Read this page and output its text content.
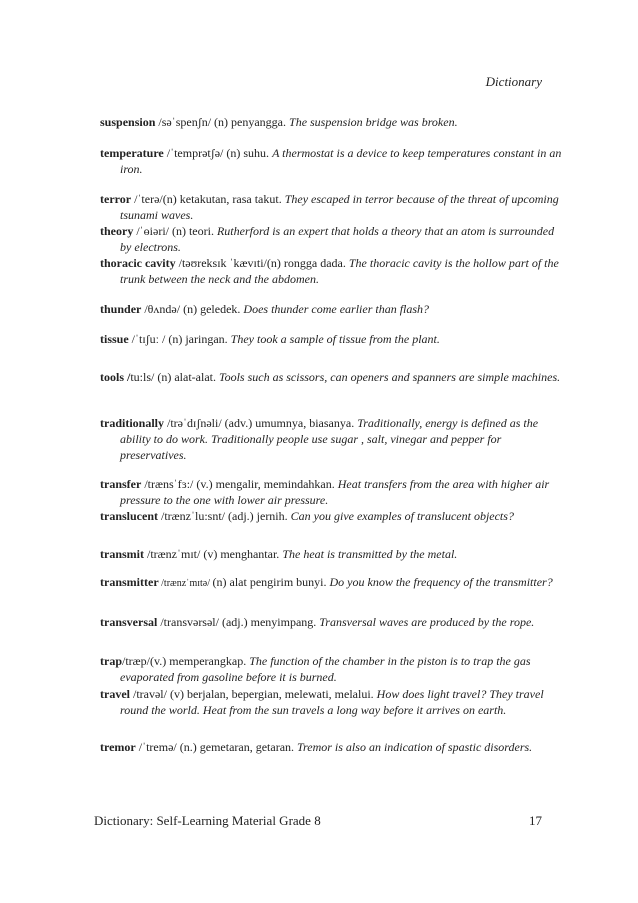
Dictionary
suspension /səˈspenʃn/ (n) penyangga. The suspension bridge was broken.
temperature /ˈtemprətʃə/ (n) suhu. A thermostat is a device to keep temperatures constant in an iron.
terror /ˈterə/(n) ketakutan, rasa takut. They escaped in terror because of the threat of upcoming tsunami waves.
theory /ˈɵiəri/ (n) teori. Rutherford is an expert that holds a theory that an atom is surrounded by electrons.
thoracic cavity /təʊreksɪk ˈkævɪti/(n) rongga dada. The thoracic cavity is the hollow part of the trunk between the neck and the abdomen.
thunder /θʌndə/ (n) geledek. Does thunder come earlier than flash?
tissue /ˈtɪʃuː / (n) jaringan. They took a sample of tissue from the plant.
tools /tu:ls/ (n) alat-alat. Tools such as scissors, can openers and spanners are simple machines.
traditionally /trəˈdɪʃnəli/ (adv.) umumnya, biasanya. Traditionally, energy is defined as the ability to do work. Traditionally people use sugar , salt, vinegar and pepper for preservatives.
transfer /trænsˈfɜ:/ (v.) mengalir, memindahkan. Heat transfers from the area with higher air pressure to the one with lower air pressure.
translucent /trænzˈlu:snt/ (adj.) jernih. Can you give examples of translucent objects?
transmit /trænzˈmɪt/ (v) menghantar. The heat is transmitted by the metal.
transmitter /trænzˈmɪtə/ (n) alat pengirim bunyi. Do you know the frequency of the transmitter?
transversal /transvərsəl/ (adj.) menyimpang. Transversal waves are produced by the rope.
trap/træp/(v.) memperangkap. The function of the chamber in the piston is to trap the gas evaporated from gasoline before it is burned.
travel /travəl/ (v) berjalan, bepergian, melewati, melalui. How does light travel? They travel round the world. Heat from the sun travels a long way before it arrives on earth.
tremor /ˈtremə/ (n.) gemetaran, getaran. Tremor is also an indication of spastic disorders.
Dictionary: Self-Learning Material Grade 8	17
